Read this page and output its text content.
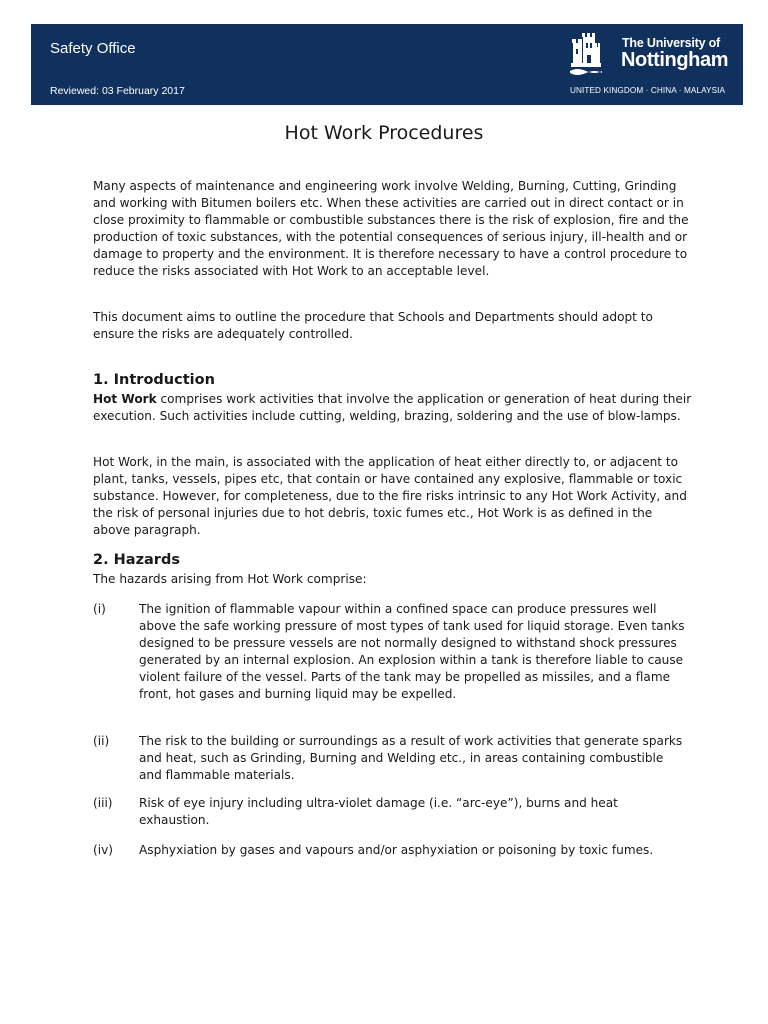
Safety Office
Reviewed: 03 February 2017
The University of
Nottingham
UNITED KINGDOM · CHINA · MALAYSIA
Hot Work Procedures

Many aspects of maintenance and engineering work involve Welding, Burning, Cutting, Grinding and working with Bitumen boilers etc. When these activities are carried out in direct contact or in close proximity to flammable or combustible substances there is the risk of explosion, fire and the production of toxic substances, with the potential consequences of serious injury, ill-health and or damage to property and the environment. It is therefore necessary to have a control procedure to reduce the risks associated with Hot Work to an acceptable level.

This document aims to outline the procedure that Schools and Departments should adopt to ensure the risks are adequately controlled.

1. Introduction

Hot Work comprises work activities that involve the application or generation of heat during their execution. Such activities include cutting, welding, brazing, soldering and the use of blow-lamps.

Hot Work, in the main, is associated with the application of heat either directly to, or adjacent to plant, tanks, vessels, pipes etc, that contain or have contained any explosive, flammable or toxic substance. However, for completeness, due to the fire risks intrinsic to any Hot Work Activity, and the risk of personal injuries due to hot debris, toxic fumes etc., Hot Work is as defined in the above paragraph.

2. Hazards

The hazards arising from Hot Work comprise:

(i)	The ignition of flammable vapour within a confined space can produce pressures well above the safe working pressure of most types of tank used for liquid storage. Even tanks designed to be pressure vessels are not normally designed to withstand shock pressures generated by an internal explosion. An explosion within a tank is therefore liable to cause violent failure of the vessel. Parts of the tank may be propelled as missiles, and a flame front, hot gases and burning liquid may be expelled.

(ii) The risk to the building or surroundings as a result of work activities that generate sparks and heat, such as Grinding, Burning and Welding etc., in areas containing combustible and flammable materials.

(iii) Risk of eye injury including ultra-violet damage (i.e. “arc-eye”), burns and heat exhaustion.

(iv) Asphyxiation by gases and vapours and/or asphyxiation or poisoning by toxic fumes.
